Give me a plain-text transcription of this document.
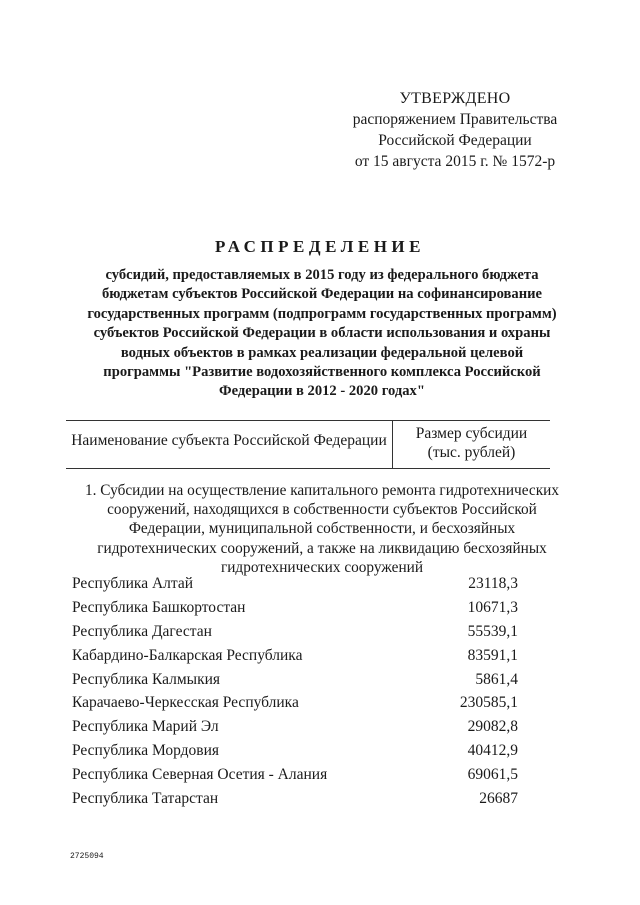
УТВЕРЖДЕНО
распоряжением Правительства
Российской Федерации
от 15 августа 2015 г. № 1572-р
РАСПРЕДЕЛЕНИЕ
субсидий, предоставляемых в 2015 году из федерального бюджета
бюджетам субъектов Российской Федерации на софинансирование
государственных программ (подпрограмм государственных программ)
субъектов Российской Федерации в области использования и охраны
водных объектов в рамках реализации федеральной целевой
программы "Развитие водохозяйственного комплекса Российской
Федерации в 2012 - 2020 годах"
Наименование субъекта Российской Федерации	Размер субсидии
(тыс. рублей)
1. Субсидии на осуществление капитального ремонта гидротехнических
сооружений, находящихся в собственности субъектов Российской
Федерации, муниципальной собственности, и бесхозяйных
гидротехнических сооружений, а также на ликвидацию бесхозяйных
гидротехнических сооружений
Республика Алтай	23118,3
Республика Башкортостан	10671,3
Республика Дагестан	55539,1
Кабардино-Балкарская Республика	83591,1
Республика Калмыкия	5861,4
Карачаево-Черкесская Республика	230585,1
Республика Марий Эл	29082,8
Республика Мордовия	40412,9
Республика Северная Осетия - Алания	69061,5
Республика Татарстан	26687
2725094
